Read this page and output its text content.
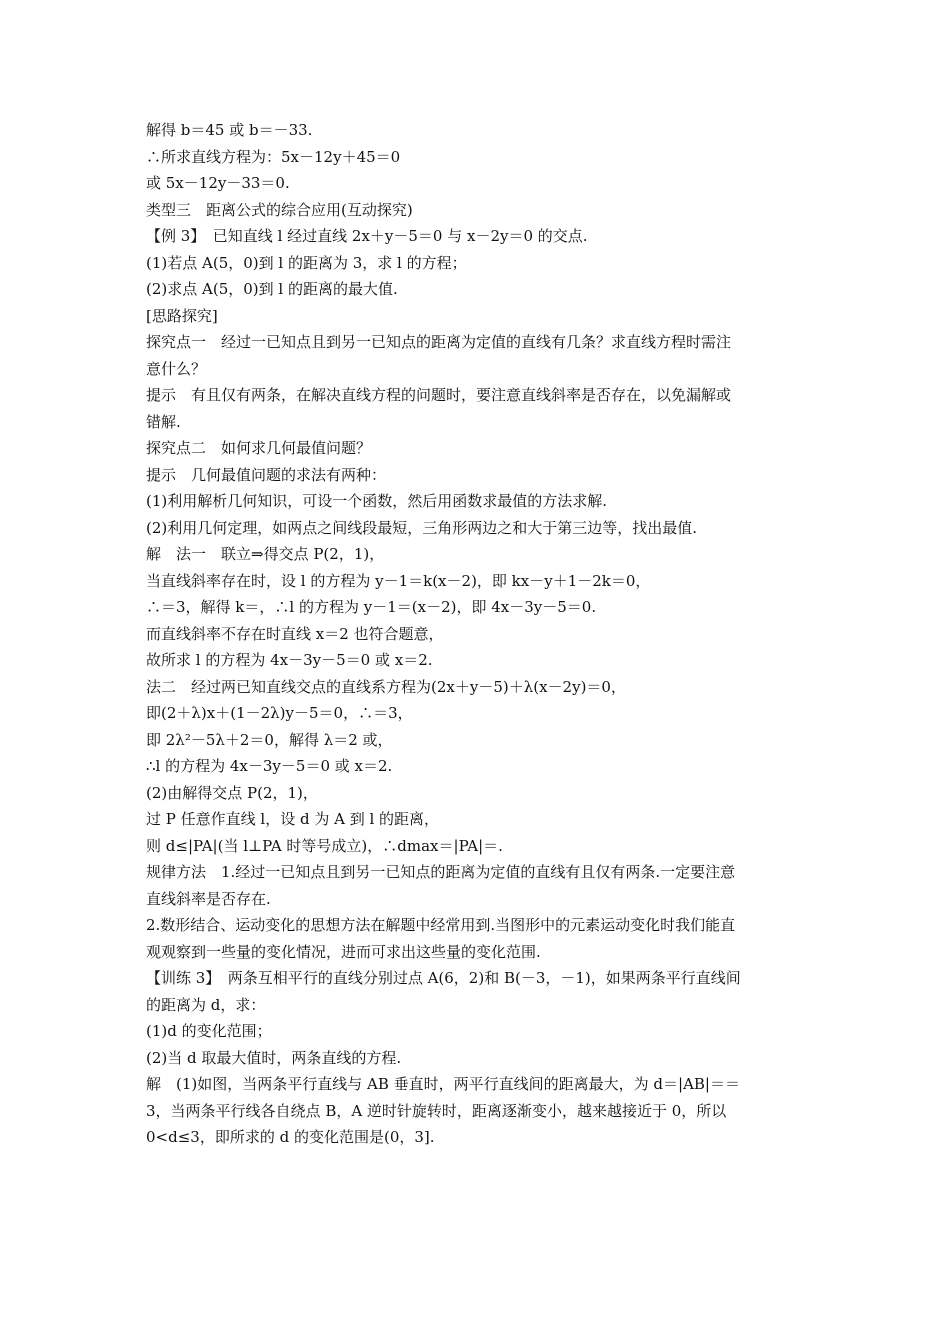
解得 b＝45 或 b＝－33.
∴所求直线方程为：5x－12y＋45＝0
或 5x－12y－33＝0.
类型三　距离公式的综合应用(互动探究)
【例 3】　已知直线 l 经过直线 2x＋y－5＝0 与 x－2y＝0 的交点.
(1)若点 A(5，0)到 l 的距离为 3，求 l 的方程；
(2)求点 A(5，0)到 l 的距离的最大值.
[思路探究]
探究点一　经过一已知点且到另一已知点的距离为定值的直线有几条？求直线方程时需注
意什么？
提示　有且仅有两条，在解决直线方程的问题时，要注意直线斜率是否存在，以免漏解或
错解.
探究点二　如何求几何最值问题？
提示　几何最值问题的求法有两种：
(1)利用解析几何知识，可设一个函数，然后用函数求最值的方法求解.
(2)利用几何定理，如两点之间线段最短，三角形两边之和大于第三边等，找出最值.
解　法一　联立⇒得交点 P(2，1)，
当直线斜率存在时，设 l 的方程为 y－1＝k(x－2)，即 kx－y＋1－2k＝0，
∴＝3，解得 k＝，∴l 的方程为 y－1＝(x－2)，即 4x－3y－5＝0.
而直线斜率不存在时直线 x＝2 也符合题意，
故所求 l 的方程为 4x－3y－5＝0 或 x＝2.
法二　经过两已知直线交点的直线系方程为(2x＋y－5)＋λ(x－2y)＝0，
即(2＋λ)x＋(1－2λ)y－5＝0，∴＝3，
即 2λ²－5λ＋2＝0，解得 λ＝2 或，
∴l 的方程为 4x－3y－5＝0 或 x＝2.
(2)由解得交点 P(2，1)，
过 P 任意作直线 l，设 d 为 A 到 l 的距离，
则 d≤|PA|(当 l⊥PA 时等号成立)，∴dmax＝|PA|＝.
规律方法　1.经过一已知点且到另一已知点的距离为定值的直线有且仅有两条.一定要注意
直线斜率是否存在.
2.数形结合、运动变化的思想方法在解题中经常用到.当图形中的元素运动变化时我们能直
观观察到一些量的变化情况，进而可求出这些量的变化范围.
【训练 3】　两条互相平行的直线分别过点 A(6，2)和 B(－3，－1)，如果两条平行直线间
的距离为 d，求：
(1)d 的变化范围；
(2)当 d 取最大值时，两条直线的方程.
解　(1)如图，当两条平行直线与 AB 垂直时，两平行直线间的距离最大，为 d＝|AB|＝＝
3，当两条平行线各自绕点 B，A 逆时针旋转时，距离逐渐变小，越来越接近于 0，所以
0<d≤3，即所求的 d 的变化范围是(0，3].
